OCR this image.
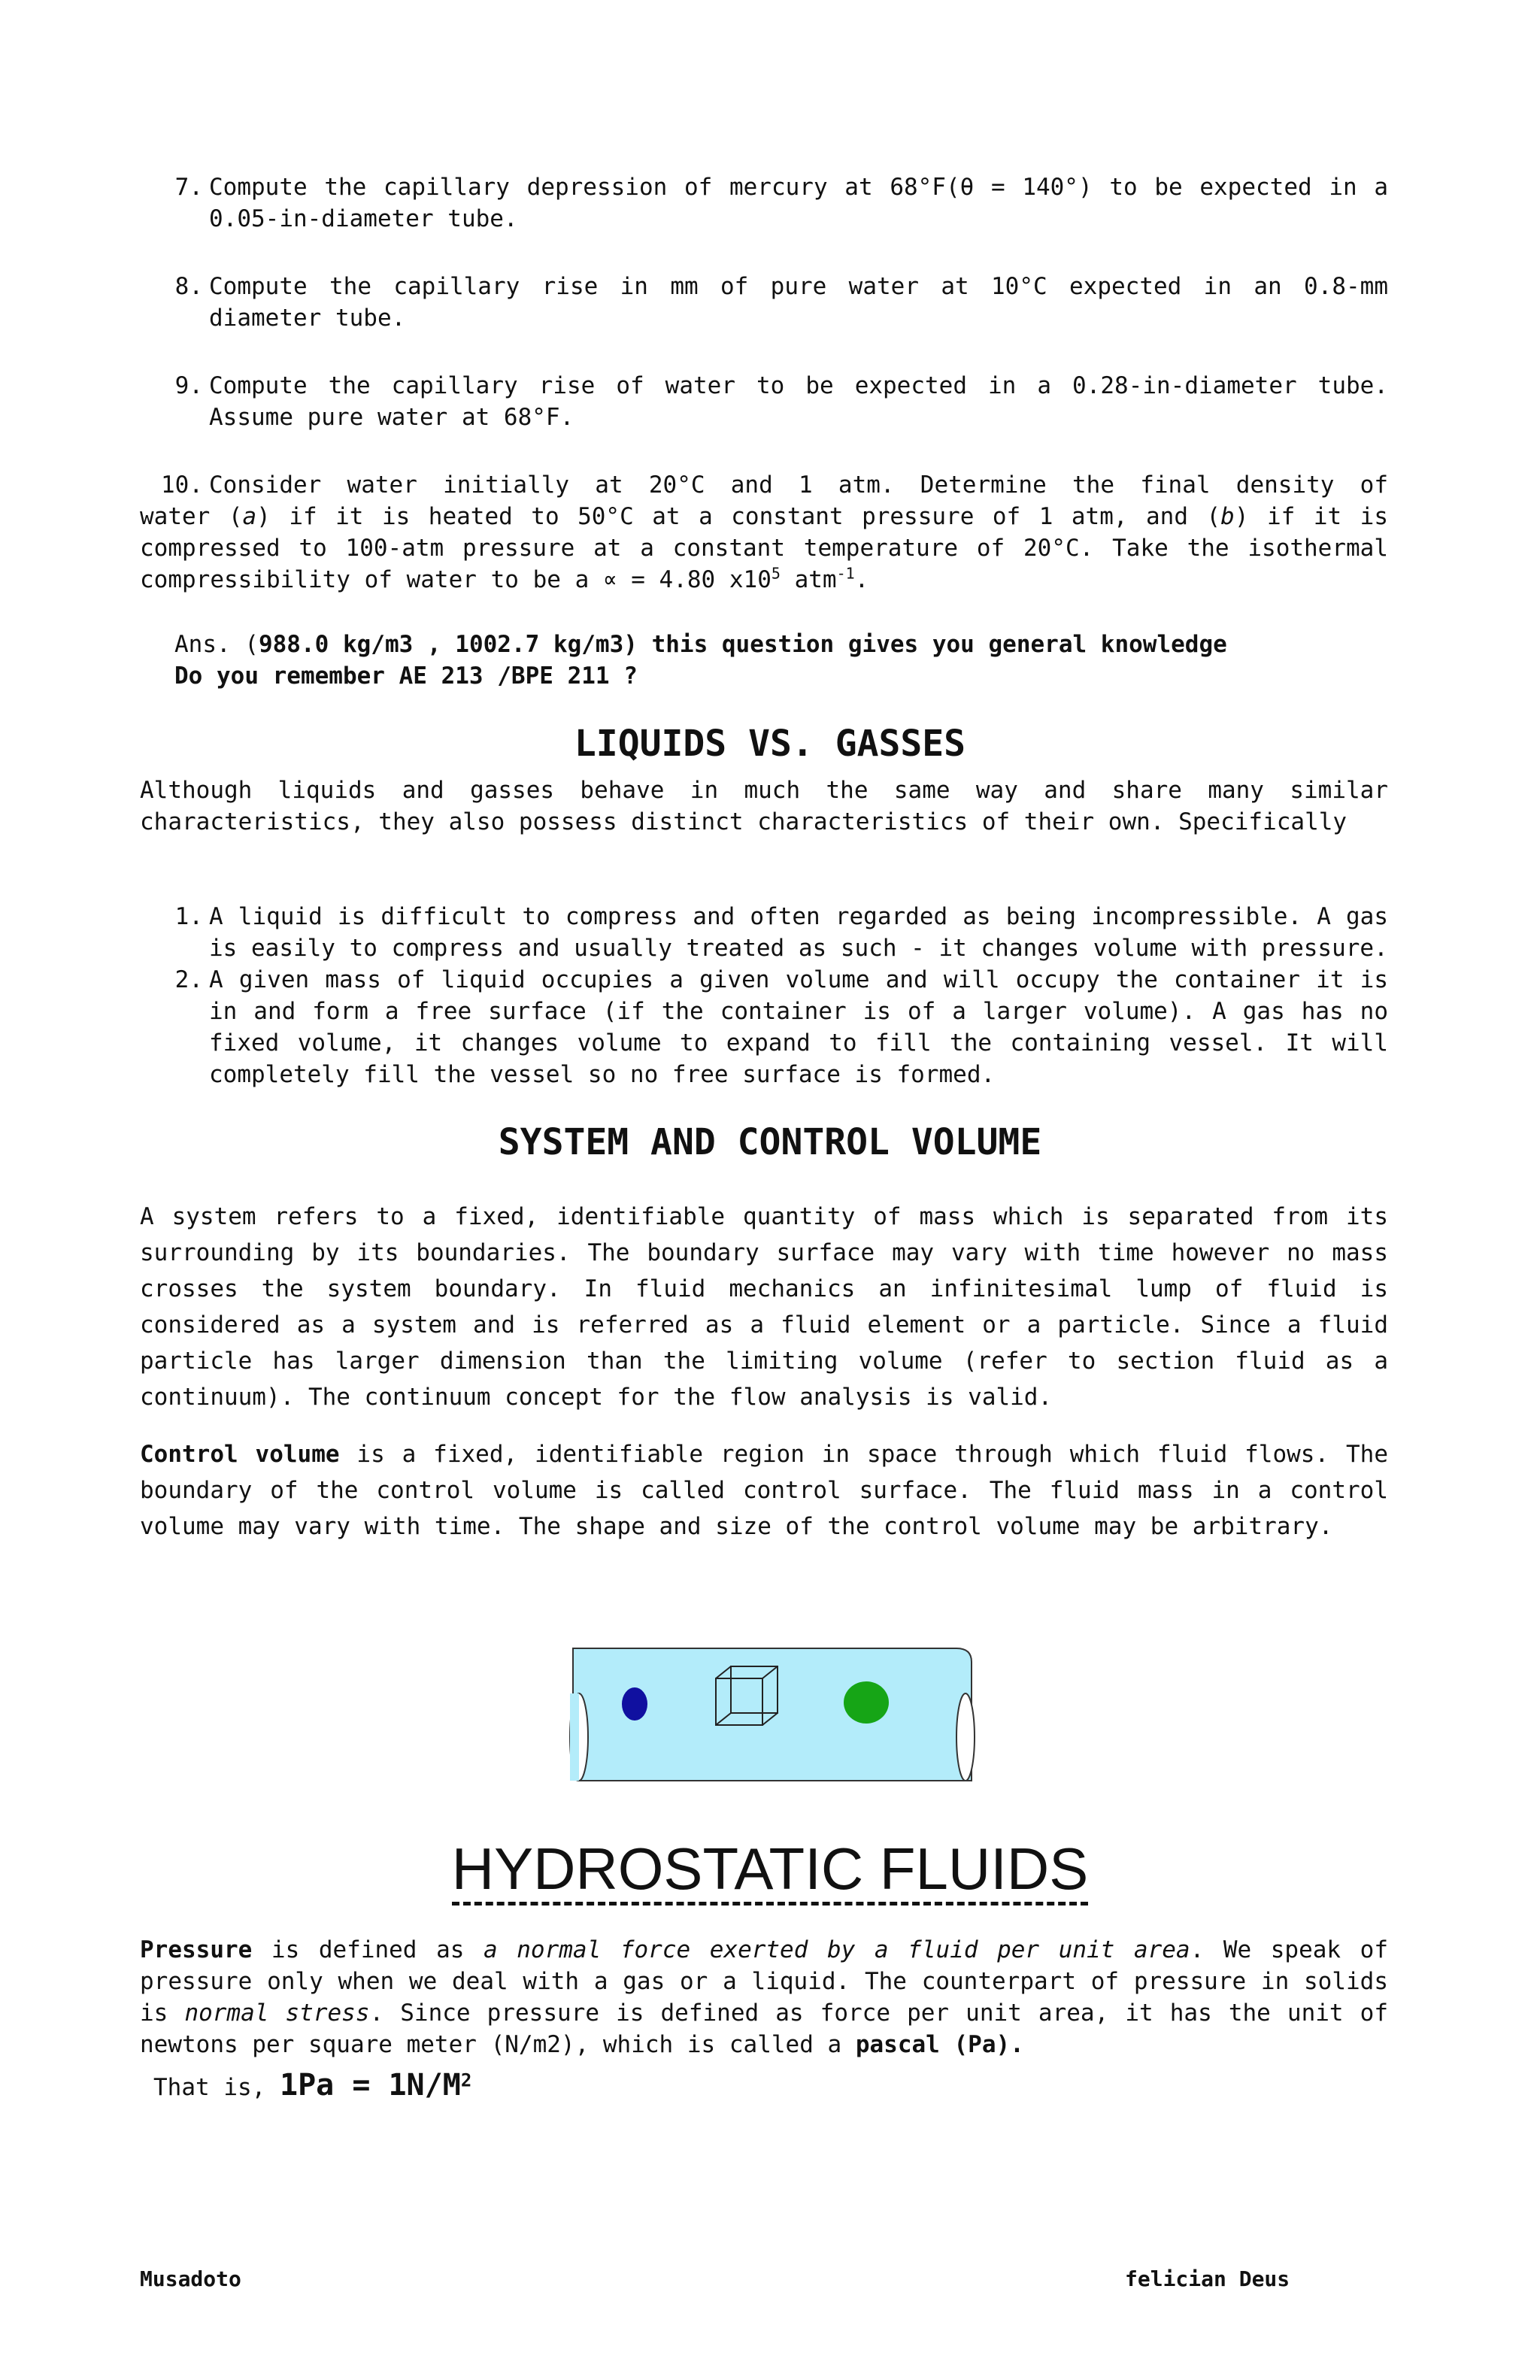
7. Compute the capillary depression of mercury at 68°F(θ = 140°) to be expected in a 0.05-in-diameter tube.
8. Compute the capillary rise in mm of pure water at 10°C expected in an 0.8-mm diameter tube.
9. Compute the capillary rise of water to be expected in a 0.28-in-diameter tube. Assume pure water at 68°F.
10. Consider water initially at 20°C and 1 atm. Determine the final density of
water (a) if it is heated to 50°C at a constant pressure of 1 atm, and (b) if it is compressed to 100-atm pressure at a constant temperature of 20°C. Take the isothermal compressibility of water to be a ∝ = 4.80 $x10^5$ atm$^{-1}$.
Ans. (988.0 kg/m3 , 1002.7 kg/m3) this question gives you general knowledge
Do you remember AE 213 /BPE 211 ?
LIQUIDS VS. GASSES
Although liquids and gasses behave in much the same way and share many similar characteristics, they also possess distinct characteristics of their own. Specifically
1. A liquid is difficult to compress and often regarded as being incompressible. A gas is easily to compress and usually treated as such - it changes volume with pressure.
2. A given mass of liquid occupies a given volume and will occupy the container it is in and form a free surface (if the container is of a larger volume). A gas has no fixed volume, it changes volume to expand to fill the containing vessel. It will completely fill the vessel so no free surface is formed.
SYSTEM AND CONTROL VOLUME
A system refers to a fixed, identifiable quantity of mass which is separated from its surrounding by its boundaries. The boundary surface may vary with time however no mass crosses the system boundary. In fluid mechanics an infinitesimal lump of fluid is considered as a system and is referred as a fluid element or a particle. Since a fluid particle has larger dimension than the limiting volume (refer to section fluid as a continuum). The continuum concept for the flow analysis is valid.
Control volume is a fixed, identifiable region in space through which fluid flows. The boundary of the control volume is called control surface. The fluid mass in a control volume may vary with time. The shape and size of the control volume may be arbitrary.
HYDROSTATIC FLUIDS
Pressure is defined as a normal force exerted by a fluid per unit area. We speak of pressure only when we deal with a gas or a liquid. The counterpart of pressure in solids is normal stress. Since pressure is defined as force per unit area, it has the unit of newtons per square meter (N/m2), which is called a pascal (Pa).
That is, $1Pa = 1N/M^2$
Musadoto	felician Deus
